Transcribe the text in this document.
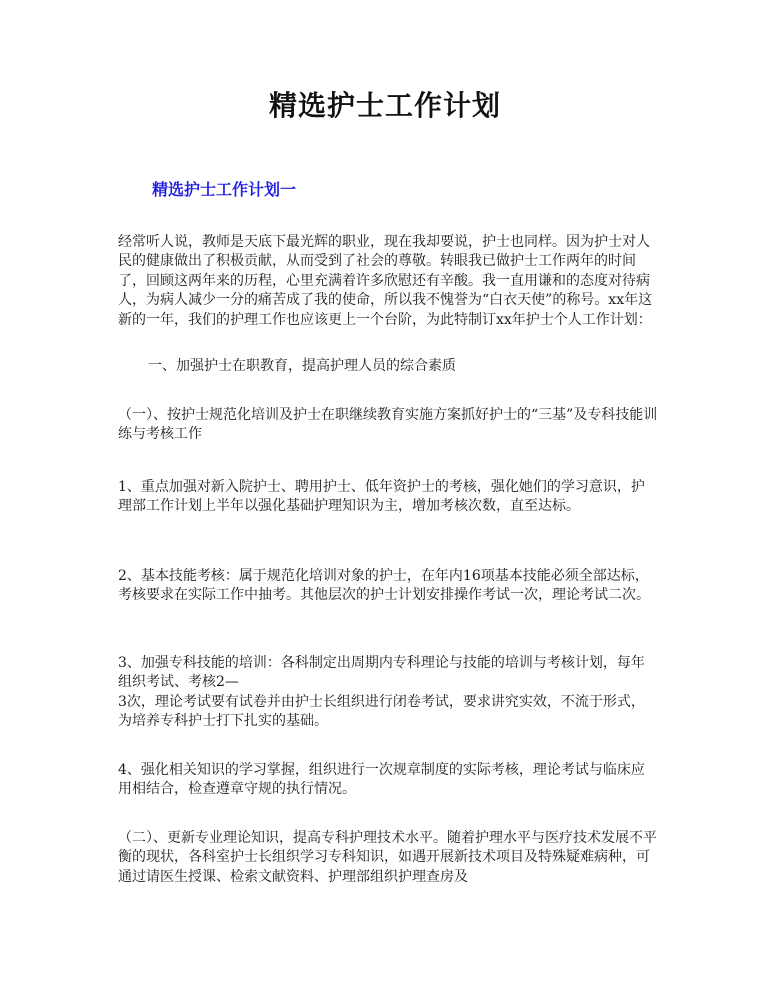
精选护士工作计划
精选护士工作计划一

经常听人说，教师是天底下最光辉的职业，现在我却要说，护士也同样。因为护士对人民的健康做出了积极贡献，从而受到了社会的尊敬。转眼我已做护士工作两年的时间了，回顾这两年来的历程，心里充满着许多欣慰还有辛酸。我一直用谦和的态度对待病人，为病人减少一分的痛苦成了我的使命，所以我不愧誉为“白衣天使”的称号。xx年这新的一年，我们的护理工作也应该更上一个台阶，为此特制订xx年护士个人工作计划：

一、加强护士在职教育，提高护理人员的综合素质

（一）、按护士规范化培训及护士在职继续教育实施方案抓好护士的“三基”及专科技能训练与考核工作

1、重点加强对新入院护士、聘用护士、低年资护士的考核，强化她们的学习意识，护理部工作计划上半年以强化基础护理知识为主，增加考核次数，直至达标。

2、基本技能考核：属于规范化培训对象的护士，在年内16项基本技能必须全部达标，考核要求在实际工作中抽考。其他层次的护士计划安排操作考试一次，理论考试二次。

3、加强专科技能的培训：各科制定出周期内专科理论与技能的培训与考核计划，每年组织考试、考核2—
3次，理论考试要有试卷并由护士长组织进行闭卷考试，要求讲究实效，不流于形式，为培养专科护士打下扎实的基础。

4、强化相关知识的学习掌握，组织进行一次规章制度的实际考核，理论考试与临床应用相结合，检查遵章守规的执行情况。

（二）、更新专业理论知识，提高专科护理技术水平。随着护理水平与医疗技术发展不平衡的现状，各科室护士长组织学习专科知识，如遇开展新技术项目及特殊疑难病种，可通过请医生授课、检索文献资料、护理部组织护理查房及
